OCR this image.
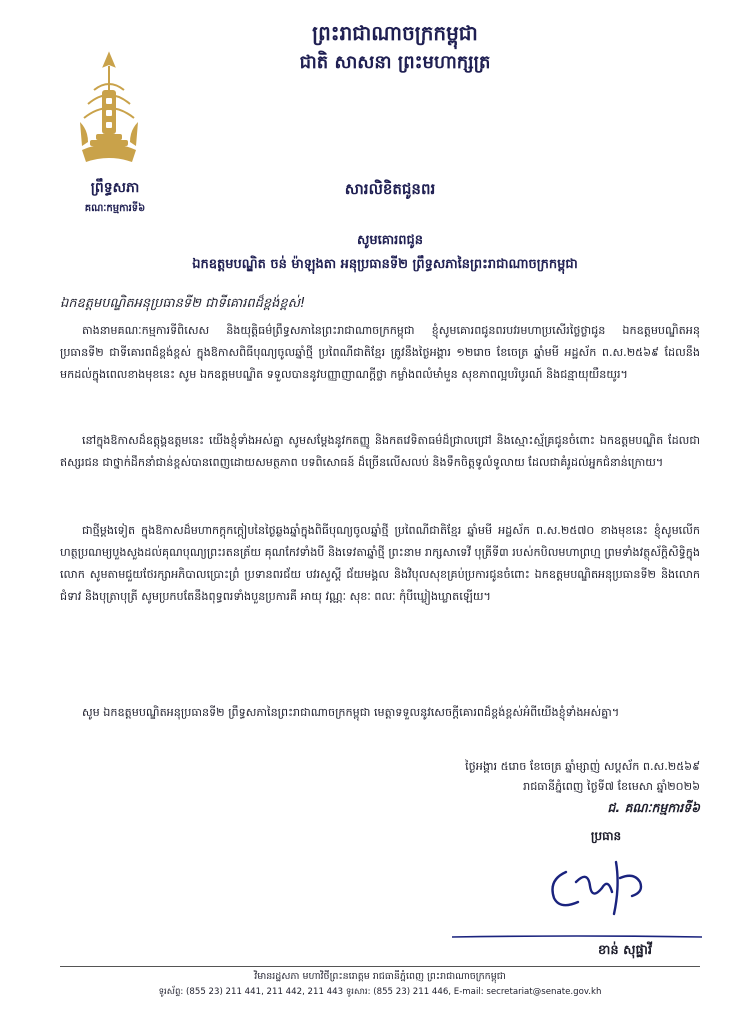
ព្រះរាជាណាចក្រកម្ពុជា
ជាតិ សាសនា ព្រះមហាក្សត្រ
ព្រឹទ្ធសភា
គណៈកម្មការទី៦
សារលិខិតជូនពរ
សូមគោរពជូន
ឯកឧត្តមបណ្ឌិត ចន់ ម៉ាឡុងតា អនុប្រធានទី២ ព្រឹទ្ធសភានៃព្រះរាជាណាចក្រកម្ពុជា
ឯកឧត្តមបណ្ឌិតអនុប្រធានទី២ ជាទីគោរពដ៏ខ្ពង់ខ្ពស់!
តាងនាមគណៈកម្មការទីពិសេស និងយុត្តិធម៌ព្រឹទ្ធសភានៃព្រះរាជាណាចក្រកម្ពុជា ខ្ញុំសូមគោរពជូនពរបវរមហាប្រសើរថ្លៃថ្លាជូន ឯកឧត្តមបណ្ឌិតអនុប្រធានទី២ ជាទីគោរពដ៏ខ្ពង់ខ្ពស់ ក្នុងឱកាសពិធីបុណ្យចូលឆ្នាំថ្មី ប្រពៃណីជាតិខ្មែរ ត្រូវនឹងថ្ងៃអង្គារ ១២រោច ខែចេត្រ ឆ្នាំមមី អដ្ឋស័ក ព.ស.២៥៦៩ ដែលនឹងមកដល់ក្នុងពេលខាងមុខនេះ សូម ឯកឧត្តមបណ្ឌិត ទទួលបាននូវបញ្ញាញាណក្តីថ្លា កម្លាំងពលំមាំមួន សុខភាពល្អបរិបូរណ៍ និងជន្មាយុយឺនយូរ។
នៅក្នុងឱកាសដ៏ឧត្តុង្គឧត្តមនេះ យើងខ្ញុំទាំងអស់គ្នា សូមសម្តែងនូវកតញ្ញូ និងកតវេទិតាធម៌ដ៏ជ្រាលជ្រៅ និងស្មោះស្ម័គ្រជូនចំពោះ ឯកឧត្តមបណ្ឌិត ដែលជាឥស្សរជន ជាថ្នាក់ដឹកនាំជាន់ខ្ពស់បានពេញដោយសមត្ថភាព បទពិសោធន៍ ដ៏ច្រើនលើសលប់ និងទឹកចិត្តទូលំទូលាយ ដែលជាគំរូដល់អ្នកជំនាន់ក្រោយ។
ជាថ្មីម្តងទៀត ក្នុងឱកាសដ៏មហាកក្តុកក្តៀបនៃថ្ងៃឆ្លងឆ្នាំក្នុងពិធីបុណ្យចូលឆ្នាំថ្មី ប្រពៃណីជាតិខ្មែរ ឆ្នាំមមី អដ្ឋស័ក ព.ស.២៥៧០ ខាងមុខនេះ ខ្ញុំសូមលើកហត្ថប្រណម្យបួងសួងដល់គុណបុណ្យព្រះរតនត្រ័យ គុណកែវទាំងបី និងទេវតាឆ្នាំថ្មី ព្រះនាម រាក្សសាទេវី បុត្រីទី៣ របស់កបិលមហាព្រហ្ម ព្រមទាំងវត្ថុស័ក្តិសិទ្ធិក្នុងលោក សូមតាមជួយថែរក្សាអភិបាលប្រោះព្រំ ប្រទានពរជ័យ បវរសួស្តី ជ័យមង្គល និងវិបុលសុខគ្រប់ប្រការជូនចំពោះ ឯកឧត្តមបណ្ឌិតអនុប្រធានទី២ និងលោកជំទាវ និងបុត្រាបុត្រី សូមប្រកបតែនឹងពុទ្ធពរទាំងបួនប្រការគឺ អាយុ វណ្ណៈ សុខៈ ពលៈ កុំបីឃ្លៀងឃ្លាតឡើយ។
សូម ឯកឧត្តមបណ្ឌិតអនុប្រធានទី២ ព្រឹទ្ធសភានៃព្រះរាជាណាចក្រកម្ពុជា មេត្តាទទួលនូវសេចក្តីគោរពដ៏ខ្ពង់ខ្ពស់អំពីយើងខ្ញុំទាំងអស់គ្នា។
ថ្ងៃអង្គារ ៥រោច ខែចេត្រ ឆ្នាំម្សាញ់ សប្តស័ក ព.ស.២៥៦៩
រាជធានីភ្នំពេញ ថ្ងៃទី៧ ខែមេសា ឆ្នាំ២០២៦
ជ. គណៈកម្មការទី៦
ប្រធាន
ខាន់ សុផ្ឋាវី
វិមានរដ្ឋសភា មហាវិថីព្រះនរោត្តម រាជធានីភ្នំពេញ ព្រះរាជាណាចក្រកម្ពុជា
ទូរស័ព្ទ: (855 23) 211 441, 211 442, 211 443 ទូរសារ: (855 23) 211 446, E-mail: secretariat@senate.gov.kh
